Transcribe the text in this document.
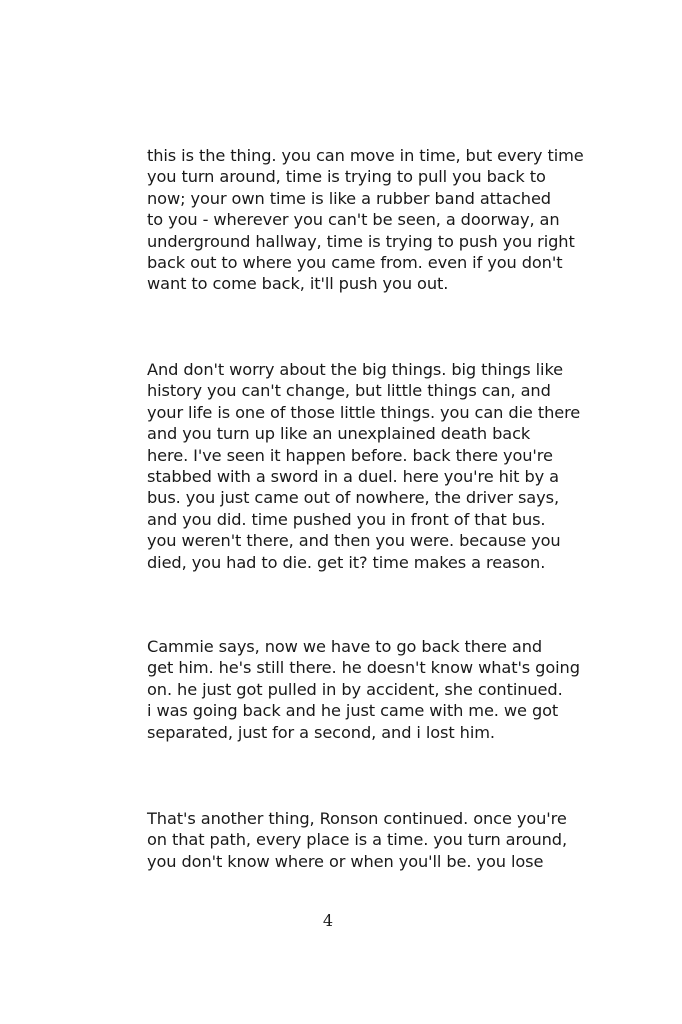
this is the thing. you can move in time, but every time
you turn around, time is trying to pull you back to
now; your own time is like a rubber band attached
to you - wherever you can't be seen, a doorway, an
underground hallway, time is trying to push you right
back out to where you came from. even if you don't
want to come back, it'll push you out.

And don't worry about the big things. big things like
history you can't change, but little things can, and
your life is one of those little things. you can die there
and you turn up like an unexplained death back
here. I've seen it happen before. back there you're
stabbed with a sword in a duel. here you're hit by a
bus. you just came out of nowhere, the driver says,
and you did. time pushed you in front of that bus.
you weren't there, and then you were. because you
died, you had to die. get it? time makes a reason.

Cammie says, now we have to go back there and
get him. he's still there. he doesn't know what's going
on. he just got pulled in by accident, she continued.
i was going back and he just came with me. we got
separated, just for a second, and i lost him.

That's another thing, Ronson continued. once you're
on that path, every place is a time. you turn around,
you don't know where or when you'll be. you lose

4
